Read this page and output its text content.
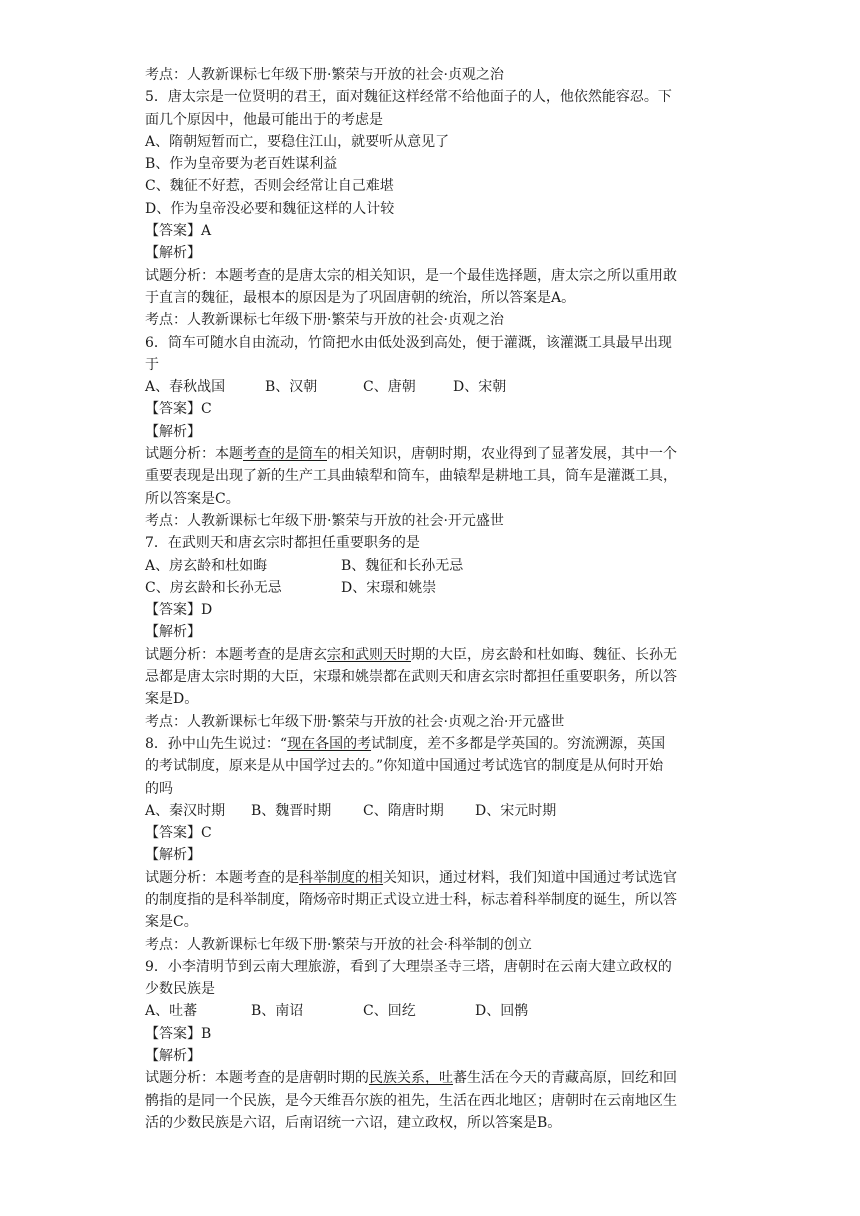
考点：人教新课标七年级下册·繁荣与开放的社会·贞观之治
5．唐太宗是一位贤明的君王，面对魏征这样经常不给他面子的人，他依然能容忍。下
面几个原因中，他最可能出于的考虑是
A、隋朝短暂而亡，要稳住江山，就要听从意见了
B、作为皇帝要为老百姓谋利益
C、魏征不好惹，否则会经常让自己难堪
D、作为皇帝没必要和魏征这样的人计较
【答案】A
【解析】
试题分析：本题考查的是唐太宗的相关知识，是一个最佳选择题，唐太宗之所以重用敢
于直言的魏征，最根本的原因是为了巩固唐朝的统治，所以答案是A。
考点：人教新课标七年级下册·繁荣与开放的社会·贞观之治
6．筒车可随水自由流动，竹筒把水由低处汲到高处，便于灌溉，该灌溉工具最早出现
于
A、春秋战国	B、汉朝	C、唐朝	D、宋朝
【答案】C
【解析】
试题分析：本题考查的是筒车的相关知识，唐朝时期，农业得到了显著发展，其中一个
重要表现是出现了新的生产工具曲辕犁和筒车，曲辕犁是耕地工具，筒车是灌溉工具，
所以答案是C。
考点：人教新课标七年级下册·繁荣与开放的社会·开元盛世
7．在武则天和唐玄宗时都担任重要职务的是
A、房玄龄和杜如晦	B、魏征和长孙无忌
C、房玄龄和长孙无忌	D、宋璟和姚崇
【答案】D
【解析】
试题分析：本题考查的是唐玄宗和武则天时期的大臣，房玄龄和杜如晦、魏征、长孙无
忌都是唐太宗时期的大臣，宋璟和姚崇都在武则天和唐玄宗时都担任重要职务，所以答
案是D。
考点：人教新课标七年级下册·繁荣与开放的社会·贞观之治·开元盛世
8．孙中山先生说过：“现在各国的考试制度，差不多都是学英国的。穷流溯源，英国
的考试制度，原来是从中国学过去的。”你知道中国通过考试选官的制度是从何时开始
的吗
A、秦汉时期 B、魏晋时期 C、隋唐时期 D、宋元时期
【答案】C
【解析】
试题分析：本题考查的是科举制度的相关知识，通过材料，我们知道中国通过考试选官
的制度指的是科举制度，隋炀帝时期正式设立进士科，标志着科举制度的诞生，所以答
案是C。
考点：人教新课标七年级下册·繁荣与开放的社会·科举制的创立
9．小李清明节到云南大理旅游，看到了大理崇圣寺三塔，唐朝时在云南大建立政权的
少数民族是
A、吐蕃	B、南诏	C、回纥	D、回鹘
【答案】B
【解析】
试题分析：本题考查的是唐朝时期的民族关系，吐蕃生活在今天的青藏高原，回纥和回
鹘指的是同一个民族，是今天维吾尔族的祖先，生活在西北地区；唐朝时在云南地区生
活的少数民族是六诏，后南诏统一六诏，建立政权，所以答案是B。
